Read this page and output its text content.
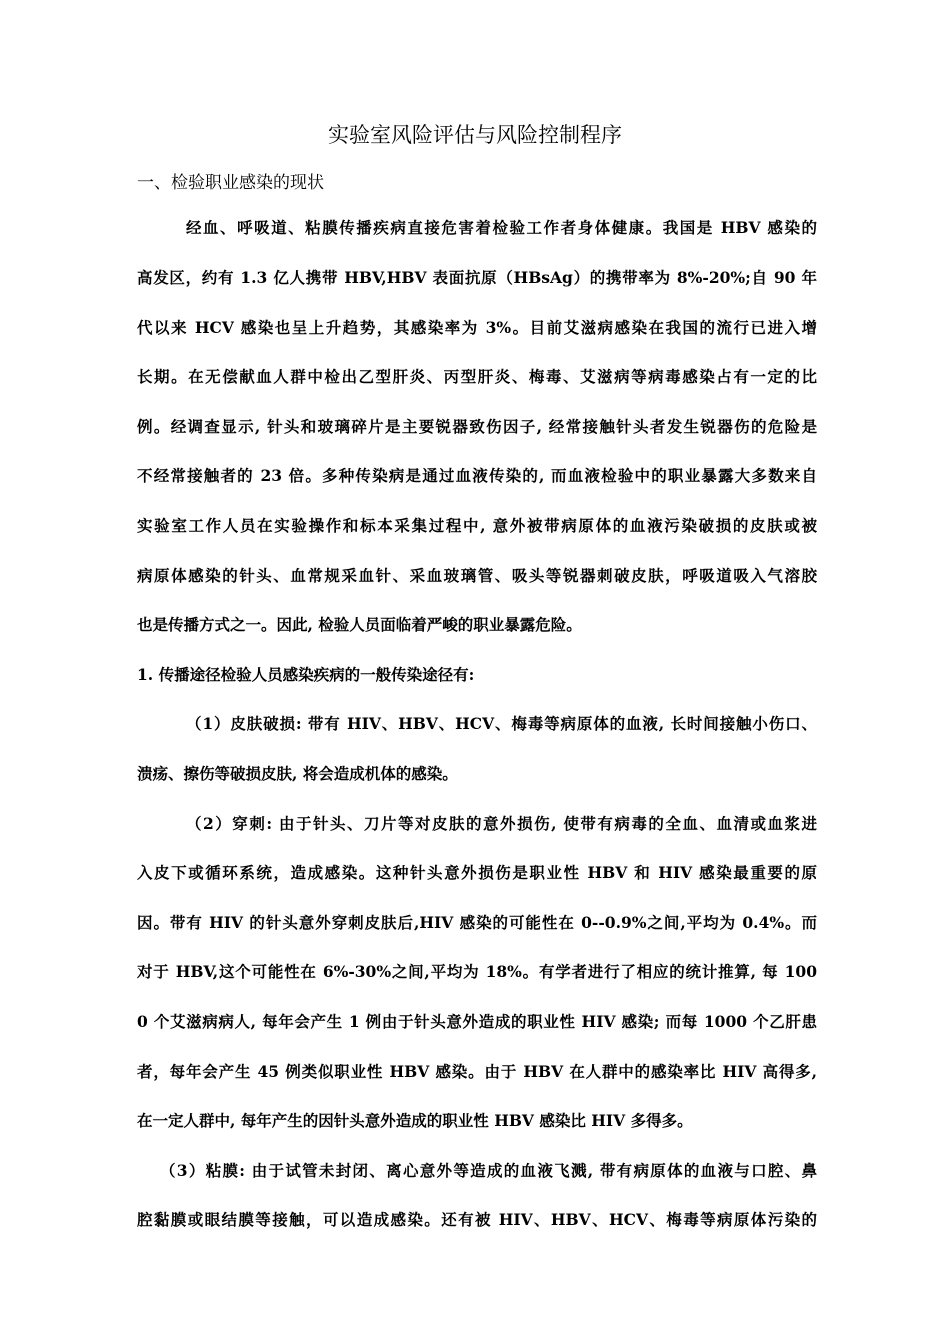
实验室风险评估与风险控制程序
一、检验职业感染的现状
经血、呼吸道、粘膜传播疾病直接危害着检验工作者身体健康。我国是 HBV 感染的
高发区，约有 1.3 亿人携带 HBV,HBV 表面抗原（HBsAg）的携带率为 8%-20%;自 90 年
代以来 HCV 感染也呈上升趋势，其感染率为 3%。目前艾滋病感染在我国的流行已进入增
长期。在无偿献血人群中检出乙型肝炎、丙型肝炎、梅毒、艾滋病等病毒感染占有一定的比
例。经调查显示, 针头和玻璃碎片是主要锐器致伤因子, 经常接触针头者发生锐器伤的危险是
不经常接触者的 23 倍。多种传染病是通过血液传染的, 而血液检验中的职业暴露大多数来自
实验室工作人员在实验操作和标本采集过程中, 意外被带病原体的血液污染破损的皮肤或被
病原体感染的针头、血常规采血针、采血玻璃管、吸头等锐器刺破皮肤，呼吸道吸入气溶胶
也是传播方式之一。因此, 检验人员面临着严峻的职业暴露危险。
1. 传播途径检验人员感染疾病的一般传染途径有:
（1）皮肤破损: 带有 HIV、HBV、HCV、梅毒等病原体的血液, 长时间接触小伤口、
溃疡、擦伤等破损皮肤, 将会造成机体的感染。
（2）穿刺: 由于针头、刀片等对皮肤的意外损伤, 使带有病毒的全血、血清或血浆进
入皮下或循环系统，造成感染。这种针头意外损伤是职业性 HBV 和 HIV 感染最重要的原
因。带有 HIV 的针头意外穿刺皮肤后,HIV 感染的可能性在 0--0.9%之间,平均为 0.4%。而
对于 HBV,这个可能性在 6%-30%之间,平均为 18%。有学者进行了相应的统计推算, 每 100
0 个艾滋病病人, 每年会产生 1 例由于针头意外造成的职业性 HIV 感染; 而每 1000 个乙肝患
者，每年会产生 45 例类似职业性 HBV 感染。由于 HBV 在人群中的感染率比 HIV 高得多,
在一定人群中, 每年产生的因针头意外造成的职业性 HBV 感染比 HIV 多得多。
（3）粘膜: 由于试管未封闭、离心意外等造成的血液飞溅, 带有病原体的血液与口腔、鼻
腔黏膜或眼结膜等接触，可以造成感染。还有被 HIV、HBV、HCV、梅毒等病原体污染的
